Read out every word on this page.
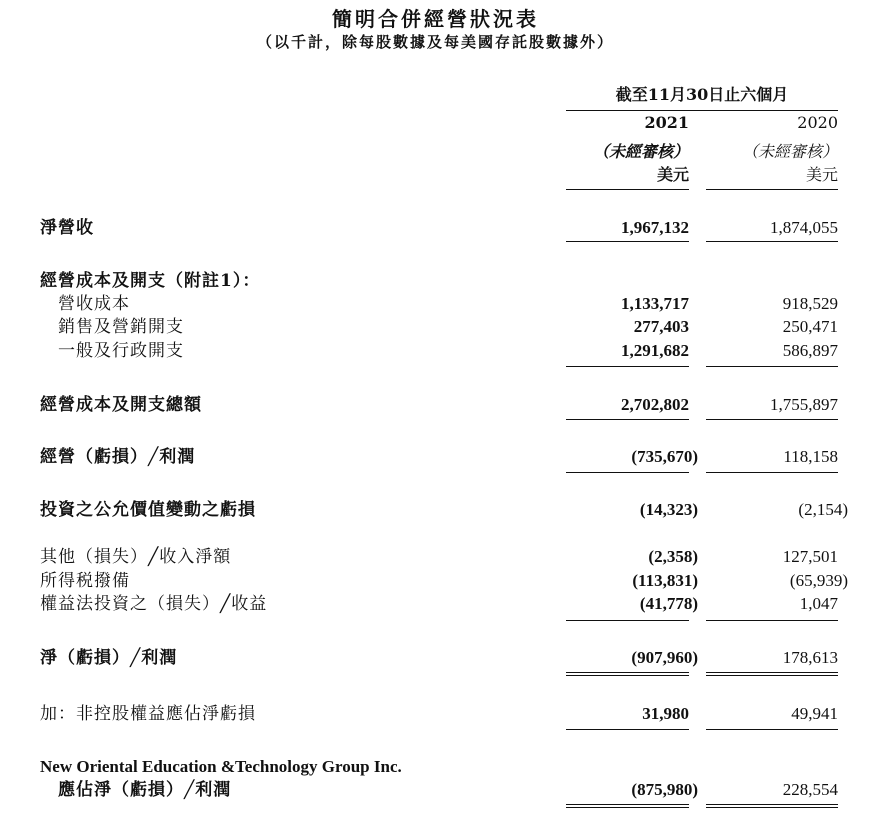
簡明合併經營狀況表
（以千計，除每股數據及每美國存託股數據外）
截至11月30日止六個月
2021	2020
（未經審核）	（未經審核）
美元	美元
淨營收	1,967,132	1,874,055
經營成本及開支（附註1）：
營收成本	1,133,717	918,529
銷售及營銷開支	277,403	250,471
一般及行政開支	1,291,682	586,897
經營成本及開支總額	2,702,802	1,755,897
經營（虧損）╱利潤	(735,670)	118,158
投資之公允價值變動之虧損	(14,323)	(2,154)
其他（損失）╱收入淨額	(2,358)	127,501
所得税撥備	(113,831)	(65,939)
權益法投資之（損失）╱收益	(41,778)	1,047
淨（虧損）╱利潤	(907,960)	178,613
加：非控股權益應佔淨虧損	31,980	49,941
New Oriental Education &Technology Group Inc.
應佔淨（虧損）╱利潤	(875,980)	228,554
